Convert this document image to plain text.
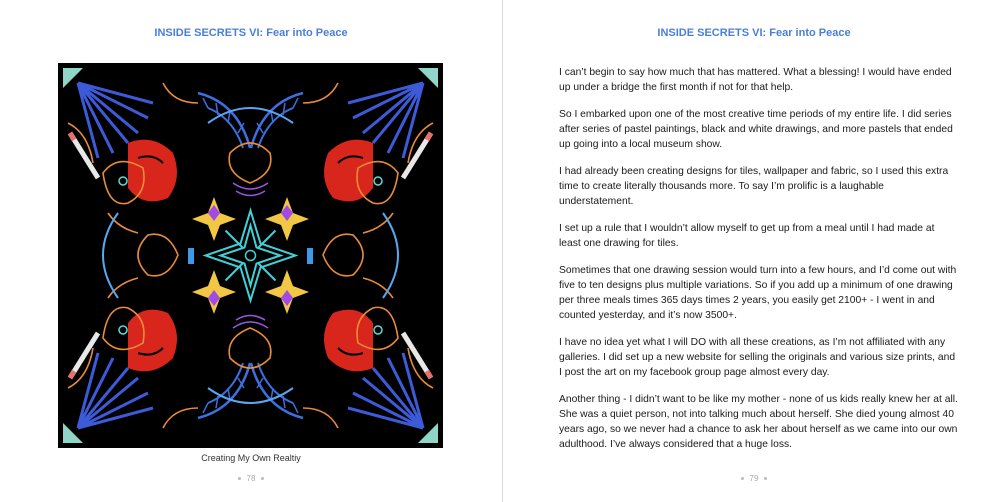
INSIDE SECRETS VI: Fear into Peace
Creating My Own Realtiy
78
INSIDE SECRETS VI: Fear into Peace

I can’t begin to say how much that has mattered. What a blessing! I would have ended up under a bridge the first month if not for that help.

So I embarked upon one of the most creative time periods of my entire life. I did series after series of pastel paintings, black and white drawings, and more pastels that ended up going into a local museum show.

I had already been creating designs for tiles, wallpaper and fabric, so I used this extra time to create literally thousands more. To say I’m prolific is a laughable understatement.

I set up a rule that I wouldn’t allow myself to get up from a meal until I had made at least one drawing for tiles.

Sometimes that one drawing session would turn into a few hours, and I’d come out with five to ten designs plus multiple variations. So if you add up a minimum of one drawing per three meals times 365 days times 2 years, you easily get 2100+ - I went in and counted yesterday, and it’s now 3500+.

I have no idea yet what I will DO with all these creations, as I’m not affiliated with any galleries. I did set up a new website for selling the originals and various size prints, and I post the art on my facebook group page almost every day.

Another thing - I didn’t want to be like my mother - none of us kids really knew her at all. She was a quiet person, not into talking much about herself. She died young almost 40 years ago, so we never had a chance to ask her about herself as we came into our own adulthood. I’ve always considered that a huge loss.

79
